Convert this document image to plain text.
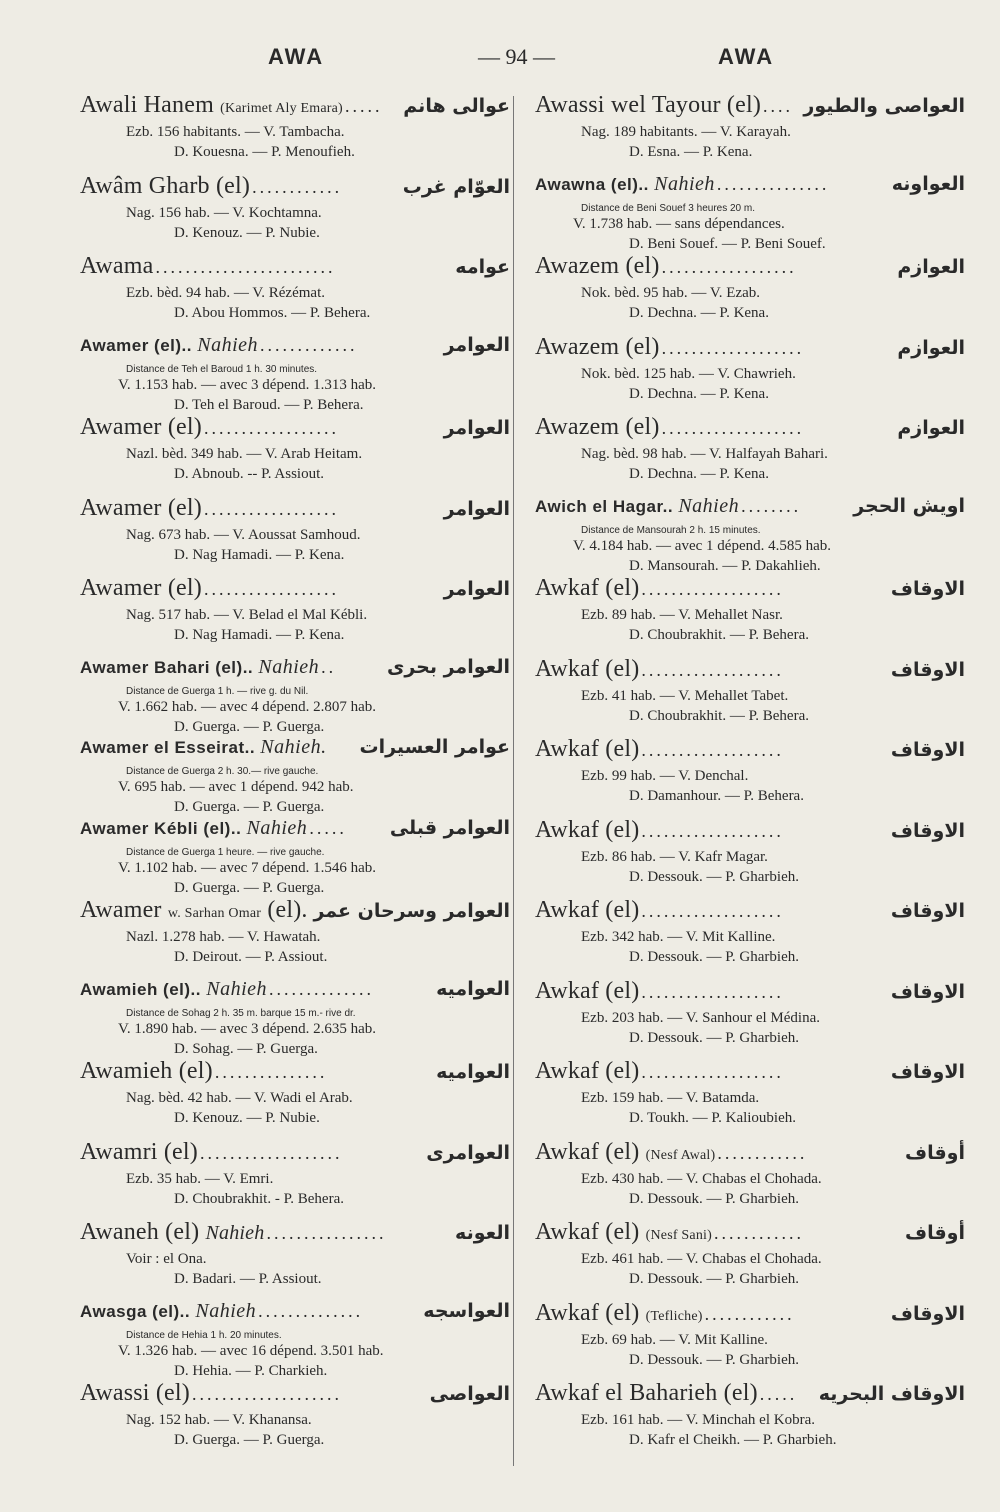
AWA	— 94 —	AWA
Awali Hanem (Karimet Aly Emara) .....	عوالى هانم
Ezb. 156 habitants. — V. Tambacha.
D. Kouesna. — P. Menoufieh.
Awâm Gharb (el) ............	العوّام غرب
Nag. 156 hab. — V. Kochtamna.
D. Kenouz. — P. Nubie.
Awama ........................	عوامه
Ezb. bèd. 94 hab. — V. Rézémat.
D. Abou Hommos. — P. Behera.
Awamer (el).. Nahieh .............	العوامر
Distance de Teh el Baroud 1 h. 30 minutes.
V. 1.153 hab. — avec 3 dépend. 1.313 hab.
D. Teh el Baroud. — P. Behera.
Awamer (el) ..................	العوامر
Nazl. bèd. 349 hab. — V. Arab Heitam.
D. Abnoub. -- P. Assiout.
Awamer (el) ..................	العوامر
Nag. 673 hab. — V. Aoussat Samhoud.
D. Nag Hamadi. — P. Kena.
Awamer (el) ..................	العوامر
Nag. 517 hab. — V. Belad el Mal Kébli.
D. Nag Hamadi. — P. Kena.
Awamer Bahari (el).. Nahieh ..	العوامر بحرى
Distance de Guerga 1 h. — rive g. du Nil.
V. 1.662 hab. — avec 4 dépend. 2.807 hab.
D. Guerga. — P. Guerga.
Awamer el Esseirat.. Nahieh. عوامر العسيرات
Distance de Guerga 2 h. 30.— rive gauche.
V. 695 hab. — avec 1 dépend. 942 hab.
D. Guerga. — P. Guerga.
Awamer Kébli (el).. Nahieh .....	العوامر قبلى
Distance de Guerga 1 heure. — rive gauche.
V. 1.102 hab. — avec 7 dépend. 1.546 hab.
D. Guerga. — P. Guerga.
Awamer w. Sarhan Omar (el). العوامر وسرحان عمر
Nazl. 1.278 hab. — V. Hawatah.
D. Deirout. — P. Assiout.
Awamieh (el).. Nahieh ..............	العواميه
Distance de Sohag 2 h. 35 m. barque 15 m.- rive dr.
V. 1.890 hab. — avec 3 dépend. 2.635 hab.
D. Sohag. — P. Guerga.
Awamieh (el) ...............	العواميه
Nag. bèd. 42 hab. — V. Wadi el Arab.
D. Kenouz. — P. Nubie.
Awamri (el) ...................	العوامرى
Ezb. 35 hab. — V. Emri.
D. Choubrakhit. - P. Behera.
Awaneh (el) Nahieh ................	العونه
Voir : el Ona.
D. Badari. — P. Assiout.
Awasga (el).. Nahieh ..............	العواسجه
Distance de Hehia 1 h. 20 minutes.
V. 1.326 hab. — avec 16 dépend. 3.501 hab.
D. Hehia. — P. Charkieh.
Awassi (el) ....................	العواصى
Nag. 152 hab. — V. Khanansa.
D. Guerga. — P. Guerga.
Awassi wel Tayour (el) .... العواصى والطيور
Nag. 189 habitants. — V. Karayah.
D. Esna. — P. Kena.
Awawna (el).. Nahieh ...............	العواونه
Distance de Beni Souef 3 heures 20 m.
V. 1.738 hab. — sans dépendances.
D. Beni Souef. — P. Beni Souef.
Awazem (el) ..................	العوازم
Nok. bèd. 95 hab. — V. Ezab.
D. Dechna. — P. Kena.
Awazem (el) ...................	العوازم
Nok. bèd. 125 hab. — V. Chawrieh.
D. Dechna. — P. Kena.
Awazem (el) ...................	العوازم
Nag. bèd. 98 hab. — V. Halfayah Bahari.
D. Dechna. — P. Kena.
Awich el Hagar.. Nahieh ........	اويش الحجر
Distance de Mansourah 2 h. 15 minutes.
V. 4.184 hab. — avec 1 dépend. 4.585 hab.
D. Mansourah. — P. Dakahlieh.
Awkaf (el) ...................	الاوقاف
Ezb. 89 hab. — V. Mehallet Nasr.
D. Choubrakhit. — P. Behera.
Awkaf (el) ...................	الاوقاف
Ezb. 41 hab. — V. Mehallet Tabet.
D. Choubrakhit. — P. Behera.
Awkaf (el) ...................	الاوقاف
Ezb. 99 hab. — V. Denchal.
D. Damanhour. — P. Behera.
Awkaf (el) ...................	الاوقاف
Ezb. 86 hab. — V. Kafr Magar.
D. Dessouk. — P. Gharbieh.
Awkaf (el) ...................	الاوقاف
Ezb. 342 hab. — V. Mit Kalline.
D. Dessouk. — P. Gharbieh.
Awkaf (el) ...................	الاوقاف
Ezb. 203 hab. — V. Sanhour el Médina.
D. Dessouk. — P. Gharbieh.
Awkaf (el) ...................	الاوقاف
Ezb. 159 hab. — V. Batamda.
D. Toukh. — P. Kalioubieh.
Awkaf (el) (Nesf Awal) ............	أوقاف
Ezb. 430 hab. — V. Chabas el Chohada.
D. Dessouk. — P. Gharbieh.
Awkaf (el) (Nesf Sani) ............	أوقاف
Ezb. 461 hab. — V. Chabas el Chohada.
D. Dessouk. — P. Gharbieh.
Awkaf (el) (Tefliche) ............	الاوقاف
Ezb. 69 hab. — V. Mit Kalline.
D. Dessouk. — P. Gharbieh.
Awkaf el Baharieh (el) .....	الاوقاف البحريه
Ezb. 161 hab. — V. Minchah el Kobra.
D. Kafr el Cheikh. — P. Gharbieh.
